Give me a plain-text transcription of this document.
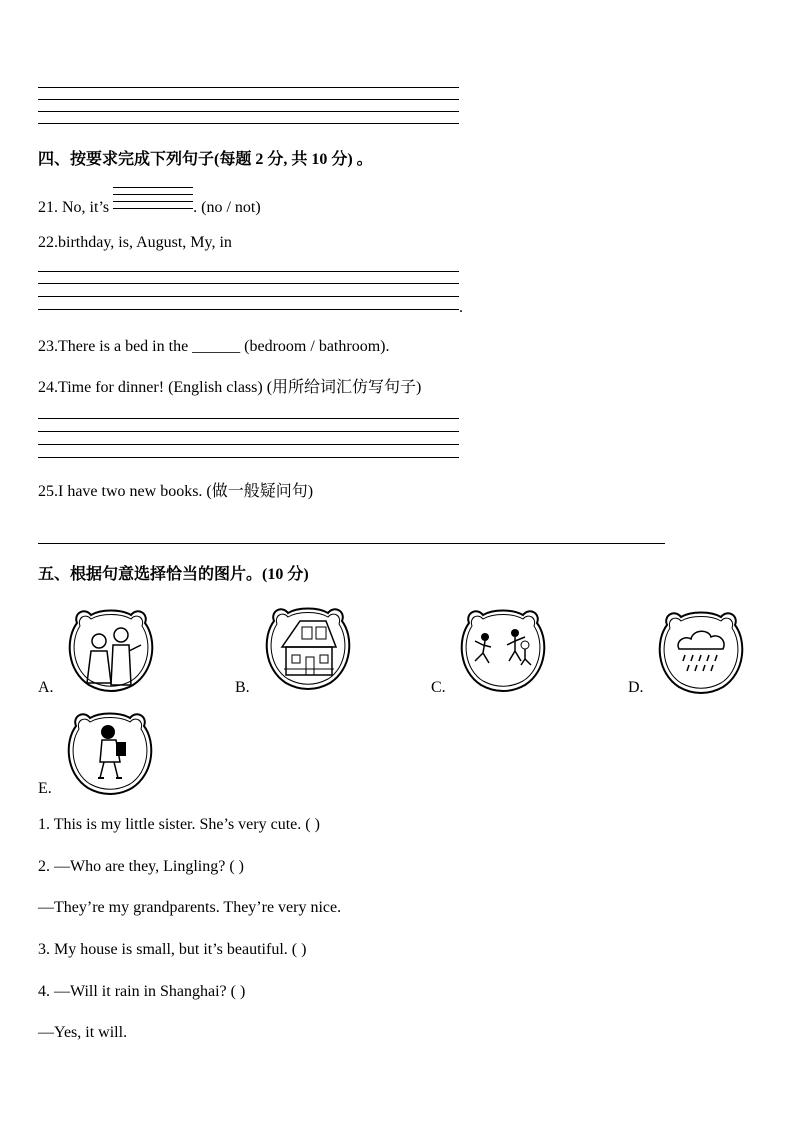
四、按要求完成下列句子(每题 2 分, 共 10 分) 。
21. No, it’s	. (no / not)
22.birthday, is, August, My, in
.
23.There is a bed in the ______ (bedroom / bathroom).
24.Time for dinner! (English class) (用所给词汇仿写句子)
25.I have two new books. (做一般疑问句)
五、根据句意选择恰当的图片。(10 分)
A.	B.	C.	D.
E.
1. This is my little sister. She’s very cute. ( )
2. —Who are they, Lingling? ( )
—They’re my grandparents. They’re very nice.
3. My house is small, but it’s beautiful. ( )
4. —Will it rain in Shanghai? ( )
—Yes, it will.
